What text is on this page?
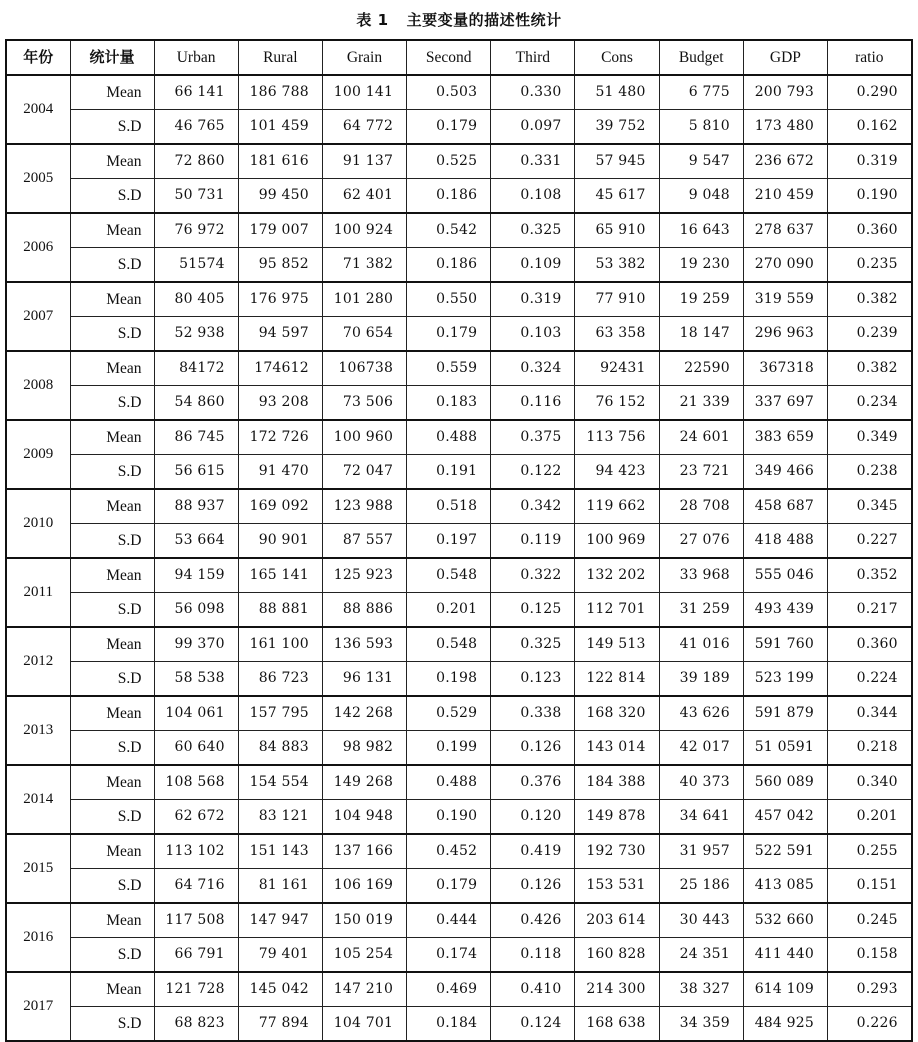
表 1 主要变量的描述性统计
年份	统计量	Urban	Rural	Grain	Second	Third	Cons	Budget	GDP	ratio
2004	Mean	66 141	186 788	100 141	0.503	0.330	51 480	6 775	200 793	0.290
	S.D	46 765	101 459	64 772	0.179	0.097	39 752	5 810	173 480	0.162
2005	Mean	72 860	181 616	91 137	0.525	0.331	57 945	9 547	236 672	0.319
	S.D	50 731	99 450	62 401	0.186	0.108	45 617	9 048	210 459	0.190
2006	Mean	76 972	179 007	100 924	0.542	0.325	65 910	16 643	278 637	0.360
	S.D	51574	95 852	71 382	0.186	0.109	53 382	19 230	270 090	0.235
2007	Mean	80 405	176 975	101 280	0.550	0.319	77 910	19 259	319 559	0.382
	S.D	52 938	94 597	70 654	0.179	0.103	63 358	18 147	296 963	0.239
2008	Mean	84172	174612	106738	0.559	0.324	92431	22590	367318	0.382
	S.D	54 860	93 208	73 506	0.183	0.116	76 152	21 339	337 697	0.234
2009	Mean	86 745	172 726	100 960	0.488	0.375	113 756	24 601	383 659	0.349
	S.D	56 615	91 470	72 047	0.191	0.122	94 423	23 721	349 466	0.238
2010	Mean	88 937	169 092	123 988	0.518	0.342	119 662	28 708	458 687	0.345
	S.D	53 664	90 901	87 557	0.197	0.119	100 969	27 076	418 488	0.227
2011	Mean	94 159	165 141	125 923	0.548	0.322	132 202	33 968	555 046	0.352
	S.D	56 098	88 881	88 886	0.201	0.125	112 701	31 259	493 439	0.217
2012	Mean	99 370	161 100	136 593	0.548	0.325	149 513	41 016	591 760	0.360
	S.D	58 538	86 723	96 131	0.198	0.123	122 814	39 189	523 199	0.224
2013	Mean	104 061	157 795	142 268	0.529	0.338	168 320	43 626	591 879	0.344
	S.D	60 640	84 883	98 982	0.199	0.126	143 014	42 017	51 0591	0.218
2014	Mean	108 568	154 554	149 268	0.488	0.376	184 388	40 373	560 089	0.340
	S.D	62 672	83 121	104 948	0.190	0.120	149 878	34 641	457 042	0.201
2015	Mean	113 102	151 143	137 166	0.452	0.419	192 730	31 957	522 591	0.255
	S.D	64 716	81 161	106 169	0.179	0.126	153 531	25 186	413 085	0.151
2016	Mean	117 508	147 947	150 019	0.444	0.426	203 614	30 443	532 660	0.245
	S.D	66 791	79 401	105 254	0.174	0.118	160 828	24 351	411 440	0.158
2017	Mean	121 728	145 042	147 210	0.469	0.410	214 300	38 327	614 109	0.293
	S.D	68 823	77 894	104 701	0.184	0.124	168 638	34 359	484 925	0.226
